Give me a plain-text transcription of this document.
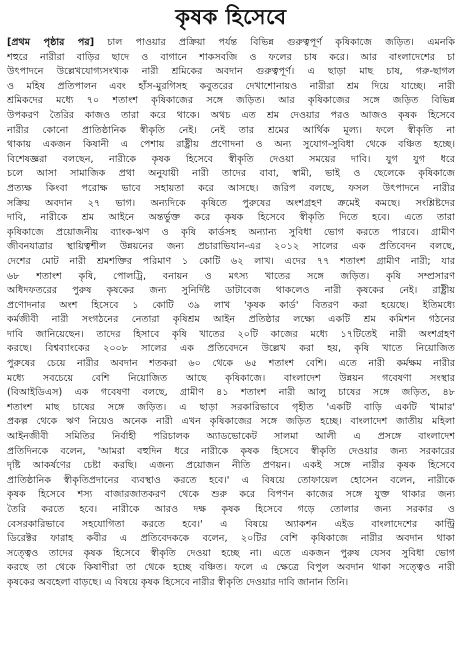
কৃষক হিসেবে
[প্রথম পৃষ্ঠার পর] চাল পাওয়ার প্রক্রিয়া পর্যন্ত বিভিন্ন গুরুত্বপূর্ণ কৃষিকাজে জড়িত। এমনকি
শহুরে নারীরা বাড়ির ছাদে ও বাগানে শাকসবজি ও ফলের চাষ করে। আর বাংলাদেশের চা
উৎপাদনে উল্লেখযোগ্যসংখ্যক নারী শ্রমিকের অবদান গুরুত্বপূর্ণ। এ ছাড়া মাছ চাষ, গরু-ছাগল
ও মহিষ প্রতিপালন এবং হাঁস-মুরগিসহ কবুতরের দেখাশোনায়ও নারীরা শ্রম দিয়ে যাচ্ছে। নারী
শ্রমিকদের মধ্যে ৭০ শতাংশ কৃষিকাজের সঙ্গে জড়িত। আর কৃষিকাজের সঙ্গে জড়িত বিভিন্ন
উপকরণ তৈরির কাজও তারা করে থাকে। অথচ এত শ্রম দেওয়ার পরও আজও কৃষক হিসেবে
নারীর কোনো প্রাতিষ্ঠানিক স্বীকৃতি নেই। নেই তার শ্রমের আর্থিক মূল্য। ফলে স্বীকৃতি না
থাকায় একজন কিষানী এ পেশায় রাষ্ট্রীয় প্রণোদনা ও অন্য সুযোগ-সুবিধা থেকে বঞ্চিত হচ্ছে।
বিশেষজ্ঞরা বলছেন, নারীকে কৃষক হিসেবে স্বীকৃতি দেওয়া সময়ের দাবি। যুগ যুগ ধরে
চলে আসা সামাজিক প্রথা অনুযায়ী নারী তাদের বাবা, স্বামী, ভাই ও ছেলেকে কৃষিকাজে
প্রত্যক্ষ কিংবা পরোক্ষ ভাবে সহায়তা করে আসছে। জরিপ বলছে, ফসল উৎপাদনে নারীর
সক্রিয় অবদান ২৭ ভাগ। অন্যদিকে কৃষিতে পুরুষের অংশগ্রহণ ক্রমেই কমছে। সংশ্লিষ্টদের
দাবি, নারীকে শ্রম আইনে অন্তর্ভুক্ত করে কৃষক হিসেবে স্বীকৃতি দিতে হবে। এতে তারা
কৃষিকাজে প্রয়োজনীয় ব্যাংক-ঋণ ও কৃষি কার্ডসহ অন্যান্য সুবিধা ভোগ করতে পারবে। গ্রামীণ
জীবনযাত্রার স্থায়িত্বশীল উন্নয়নের জন্য প্রচারাভিযান-এর ২০১২ সালের এক প্রতিবেদন বলছে,
দেশের মোট নারী শ্রমশক্তির পরিমাণ ১ কোটি ৬২ লাখ। এদের ৭৭ শতাংশ গ্রামীণ নারী; যার
৬৮ শতাংশ কৃষি, পোলট্রি, বনায়ন ও মৎস্য খাতের সঙ্গে জড়িত। কৃষি সম্প্রসারণ
অধিদফতরের পুরুষ কৃষকের জন্য সুনির্দিষ্ট ডাটাবেজ থাকলেও নারী কৃষকের নেই। রাষ্ট্রীয়
প্রণোদনার অংশ হিসেবে ১ কোটি ৩৯ লাখ 'কৃষক কার্ড' বিতরণ করা হয়েছে। ইতিমধ্যে
কর্মজীবী নারী সংগঠনের নেতারা কৃষিশ্রম আইন প্রতিষ্ঠার লক্ষ্যে একটি শ্রম কমিশন গঠনের
দাবি জানিয়েছেন। তাদের হিসাবে কৃষি খাতের ২০টি কাজের মধ্যে ১৭টিতেই নারী অংশগ্রহণ
করছে। বিশ্বব্যাংকের ২০০৮ সালের এক প্রতিবেদনে উল্লেখ করা হয়, কৃষি খাতে নিয়োজিত
পুরুষের চেয়ে নারীর অবদান শতকরা ৬০ থেকে ৬৫ শতাংশ বেশি। এতে নারী কর্মক্ষম নারীর
মধ্যে সবচেয়ে বেশি নিয়োজিত আছে কৃষিকাজে। বাংলাদেশ উন্নয়ন গবেষণা সংস্থার
(বিআইডিএস) এক গবেষণা বলছে, গ্রামীণ ৪১ শতাংশ নারী আলু চাষের সঙ্গে জড়িত, ৪৮
শতাংশ মাছ চাষের সঙ্গে জড়িত। এ ছাড়া সরকারিভাবে গৃহীত 'একটি বাড়ি একটি খামার'
প্রকল্প থেকে ঋণ নিয়েও অনেক নারী এখন কৃষিকাজের সঙ্গে জড়িত হচ্ছে। বাংলাদেশ জাতীয় মহিলা
আইনজীবী সমিতির নির্বাহী পরিচালক অ্যাডভোকেট সালমা আলী এ প্রসঙ্গে বাংলাদেশ
প্রতিদিনকে বলেন, 'আমরা বহুদিন ধরে নারীকে কৃষক হিসেবে স্বীকৃতি দেওয়ার জন্য সরকারের
দৃষ্টি আকর্ষণের চেষ্টা করছি। এজন্য প্রয়োজন নীতি প্রণয়ন। একই সঙ্গে নারীর কৃষক হিসেবে
প্রাতিষ্ঠানিক স্বীকৃতিপ্রদানের ব্যবস্থাও করতে হবে।' এ বিষয়ে তোফায়েল হোসেন বলেন, নারীকে
কৃষক হিসেবে শস্য বাজারজাতকরণ থেকে শুরু করে বিপণন কাজের সঙ্গে যুক্ত থাকার জন্য
তৈরি করতে হবে। নারীকে আরও দক্ষ কৃষক হিসেবে গড়ে তোলার জন্য সরকার ও
বেসরকারিভাবে সহযোগিতা করতে হবে।' এ বিষয়ে অ্যাকশন এইড বাংলাদেশের কান্ট্রি
ডিরেক্টর ফারাহ কবীর এ প্রতিবেদককে বলেন, ২০টির বেশি কৃষিকাজে নারীর অবদান থাকা
সত্ত্বেও তাদের কৃষক হিসেবে স্বীকৃতি দেওয়া হচ্ছে না। এতে একজন পুরুষ যেসব সুবিধা ভোগ
করছে তা থেকে কিষাণীরা তা থেকে হচ্ছে বঞ্চিত। ফলে এ ক্ষেত্রে বিপুল অবদান থাকা সত্ত্বেও নারী
কৃষকের অবহেলা বাড়ছে। এ বিষয়ে কৃষক হিসেবে নারীর স্বীকৃতি দেওয়ার দাবি জানান তিনি।
